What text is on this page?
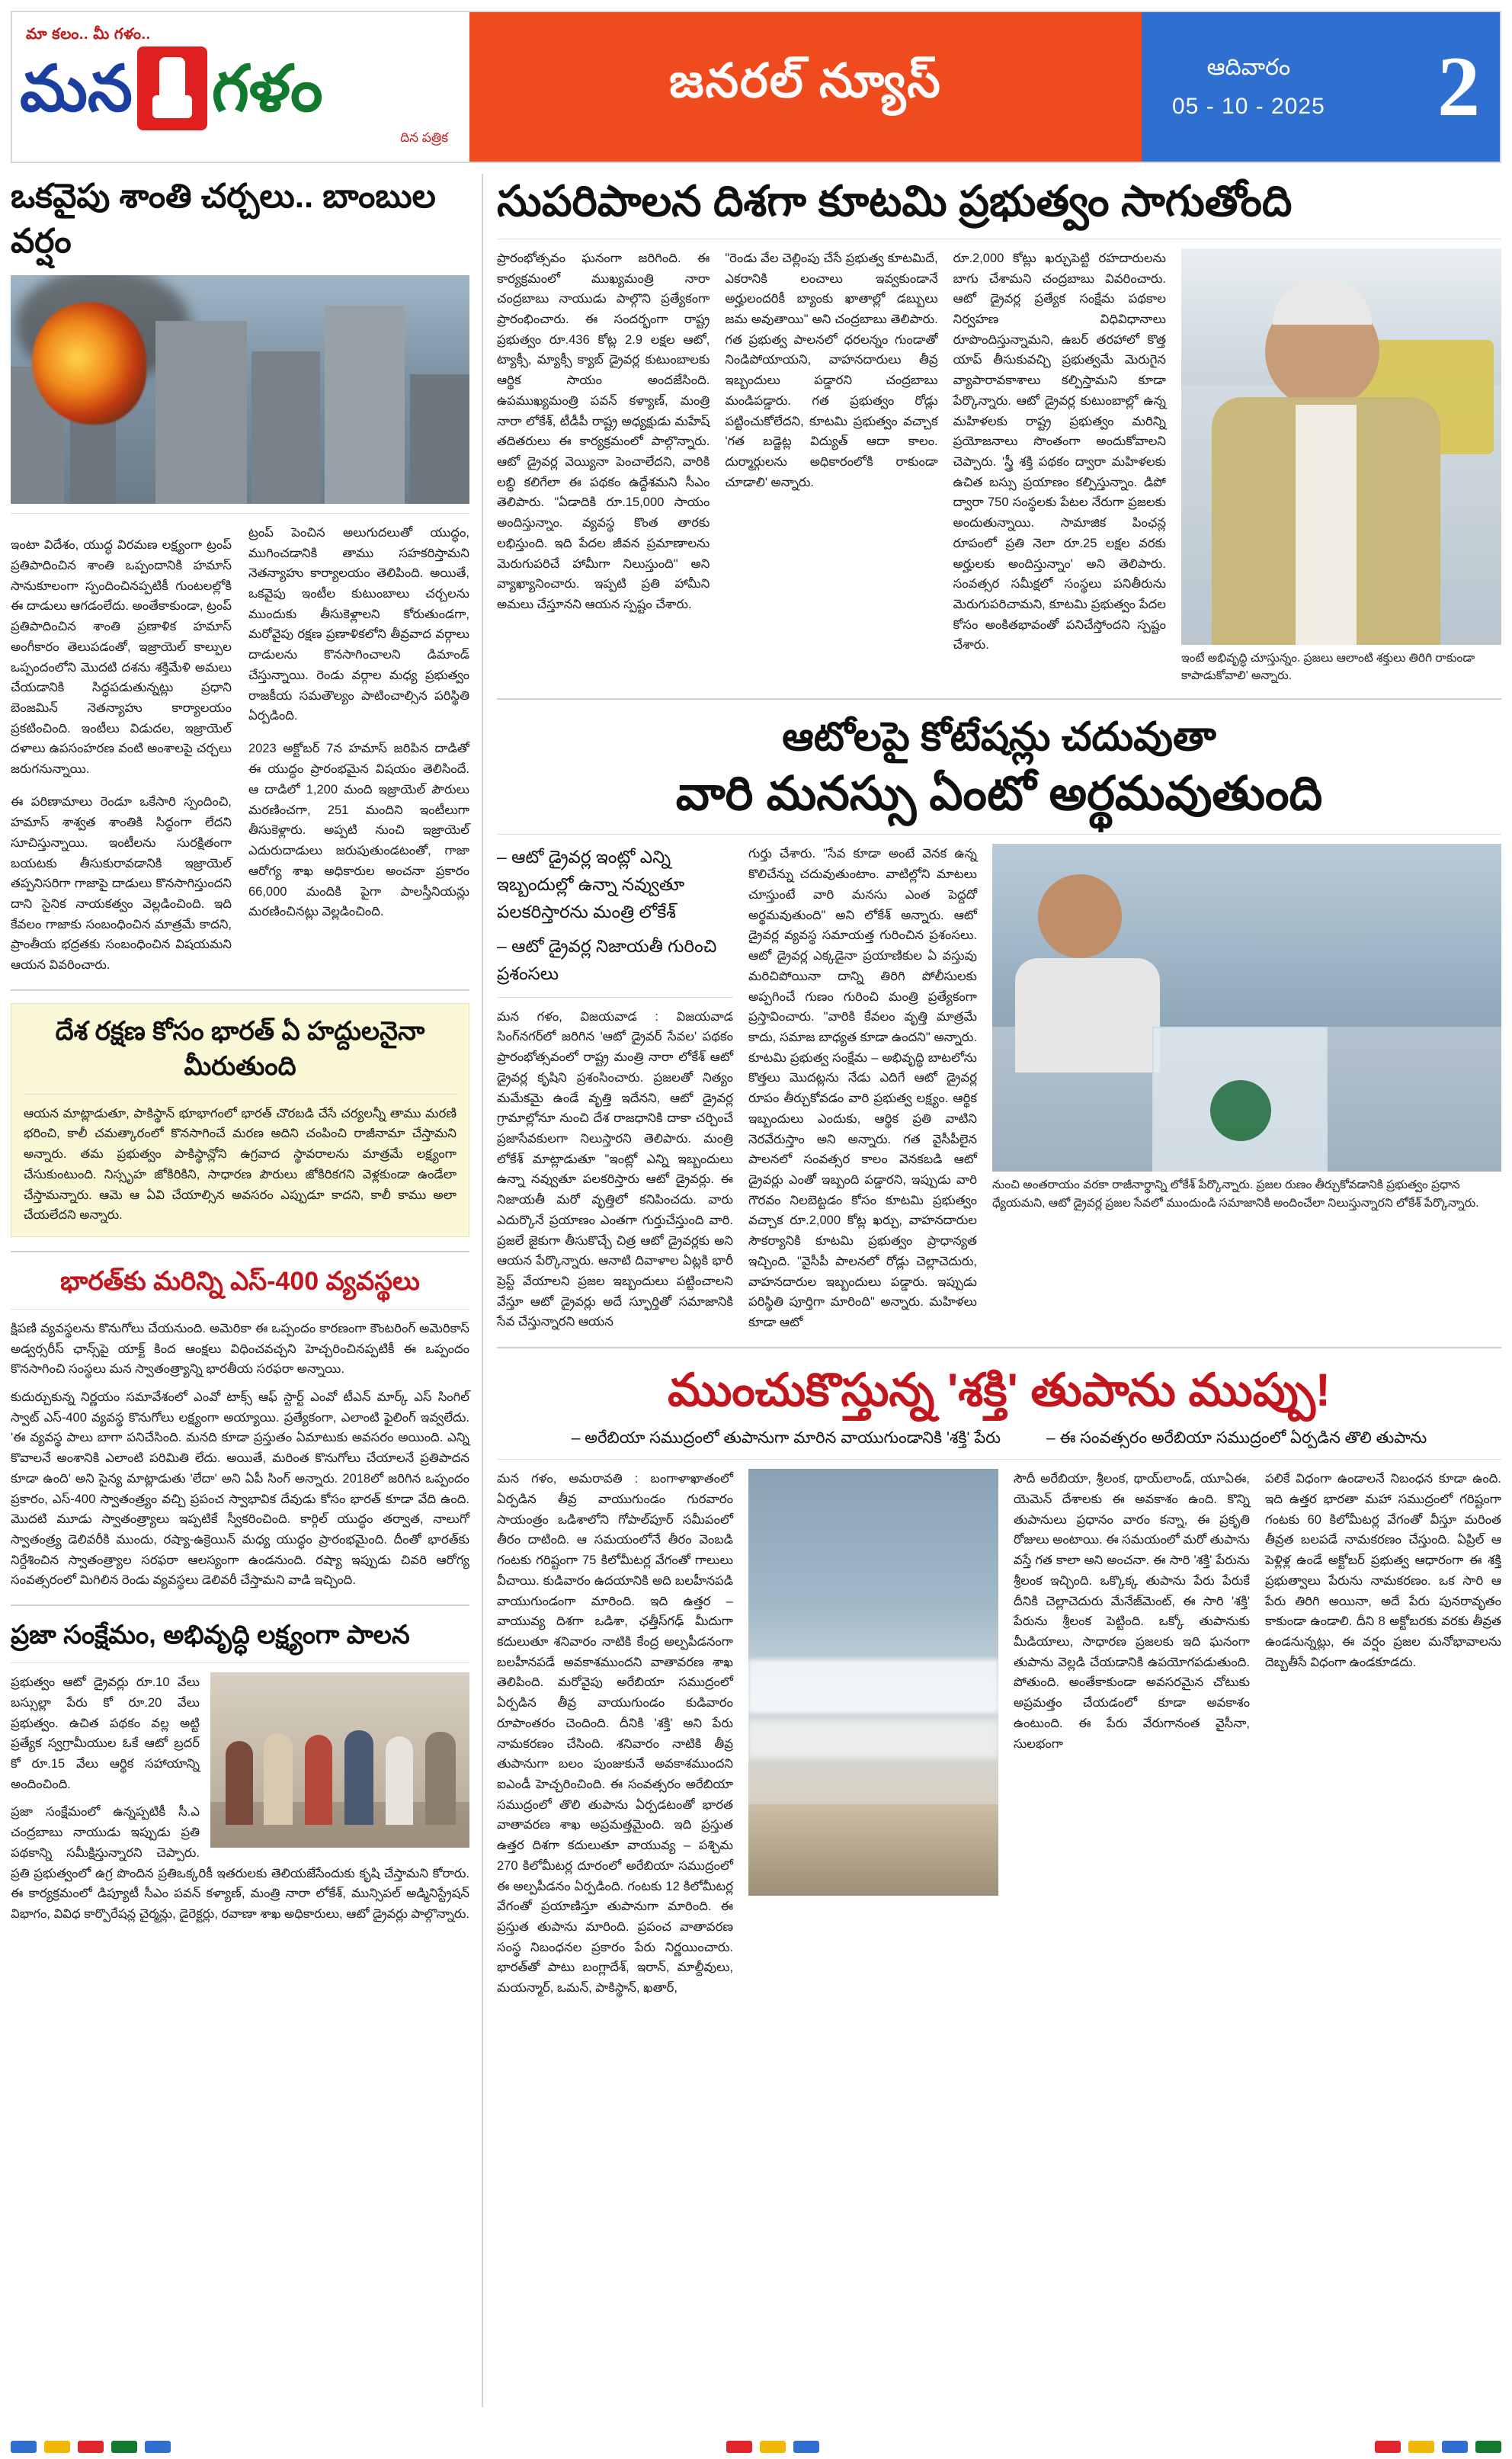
మా కలం.. మీ గళం..
మన గళం
దిన పత్రిక
జనరల్ న్యూస్	ఆదివారం
05 - 10 - 2025 2
ఒకవైపు శాంతి చర్చలు.. బాంబుల వర్షం

ఇంటా విదేశం, యుద్ధ విరమణ లక్ష్యంగా ట్రంప్ ప్రతిపాదించిన శాంతి ఒప్పందానికి హమాస్ సానుకూలంగా స్పందించినప్పటికీ గుంటలల్లోకి ఈ దాడులు ఆగడంలేదు. అంతేకాకుండా, ట్రంప్ ప్రతిపాదించిన శాంతి ప్రణాళిక హమాస్ అంగీకారం తెలుపడంతో, ఇజ్రాయెల్ కాల్పుల ఒప్పందంలోని మొదటి దశను శక్తిమేళి అమలు చేయడానికి సిద్ధపడుతున్నట్లు ప్రధాని బెంజమిన్ నెతన్యాహు కార్యాలయం ప్రకటించింది. ఇంటీలు విడుదల, ఇజ్రాయెల్ దళాలు ఉపసంహరణ వంటి అంశాలపై చర్చలు జరుగనున్నాయి.

ఈ పరిణామాలు రెండూ ఒకేసారి స్పందించి, హమాస్ శాశ్వత శాంతికి సిద్ధంగా లేదని సూచిస్తున్నాయి. ఇంటీలను సురక్షితంగా బయటకు తీసుకురావడానికి ఇజ్రాయెల్ తప్పనిసరిగా గాజాపై దాడులు కొనసాగిస్తుందని దాని సైనిక నాయకత్వం వెల్లడించింది. ఇది కేవలం గాజాకు సంబంధించిన మాత్రమే కాదని, ప్రాంతీయ భద్రతకు సంబంధించిన విషయమని ఆయన వివరించారు.

ట్రంప్ పెంచిన అలుగుదలుతో యుద్ధం, ముగించడానికి తాము సహకరిస్తామని నెతన్యాహు కార్యాలయం తెలిపింది. అయితే, ఒకవైపు ఇంటీల కుటుంబాలు చర్చలను ముందుకు తీసుకెళ్లాలని కోరుతుండగా, మరోవైపు రక్షణ ప్రణాళికలోని తీవ్రవాద వర్గాలు దాడులను కొనసాగించాలని డిమాండ్ చేస్తున్నాయి. రెండు వర్గాల మధ్య ప్రభుత్వం రాజకీయ సమతౌల్యం పాటించాల్సిన పరిస్థితి ఏర్పడింది.

2023 అక్టోబర్ 7న హమాస్ జరిపిన దాడితో ఈ యుద్ధం ప్రారంభమైన విషయం తెలిసిందే. ఆ దాడిలో 1,200 మంది ఇజ్రాయెల్ పౌరులు మరణించగా, 251 మందిని ఇంటీలుగా తీసుకెళ్లారు. అప్పటి నుంచి ఇజ్రాయెల్ ఎదురుదాడులు జరుపుతుండటంతో, గాజా ఆరోగ్య శాఖ అధికారుల అంచనా ప్రకారం 66,000 మందికి పైగా పాలస్తీనియన్లు మరణించినట్లు వెల్లడించింది.

దేశ రక్షణ కోసం భారత్ ఏ హద్దులనైనా మీరుతుంది
ఆయన మాట్లాడుతూ, పాకిస్థాన్ భూభాగంలో భారత్ చొరబడి చేసే చర్యలన్నీ తాము మరణి భరించి, కాలీ చమత్కారంలో కొనసాగించే మరణ అదిని చంపించి రాజీనామా చేస్తామని అన్నారు. తమ ప్రభుత్వం పాకిస్థాన్లోని ఉగ్రవాద స్థావరాలను మాత్రమే లక్ష్యంగా చేసుకుంటుంది. నిస్సృహ జోకిరికిని, సాధారణ పౌరులు జోకిరికగని వెళ్లకుండా ఉండేలా చేస్తామన్నారు. ఆమె ఆ ఏవి చేయాల్సిన అవసరం ఎప్పుడూ కాదని, కాలీ కాము అలా చేయలేదని అన్నారు.
భారత్‌కు మరిన్ని ఎస్-400 వ్యవస్థలు
క్షిపణి వ్యవస్థలను కొనుగోలు చేయనుంది. అమెరికా ఈ ఒప్పందం కారణంగా కౌంటరింగ్ అమెరికాస్ అడ్వర్సరీస్ ఛాన్స్‌పై యాక్ట్ కింద ఆంక్షలు విధించవచ్చని హెచ్చరించినప్పటికీ ఈ ఒప్పందం కొనసాగించి సంస్థలు మన స్వాతంత్ర్యాన్ని భారతీయ సరఫరా అన్నాయి.
కుదుర్చుకున్న నిర్ణయం సమావేశంలో ఎంవో టాక్స్ ఆఫ్ స్టార్ట్ ఎంవో టీఎన్ మార్క్ ఎస్ సింగిల్ స్వాట్ ఎస్-400 వ్యవస్థ కొనుగోలు లక్ష్యంగా అయ్యాయి. ప్రత్యేకంగా, ఎలాంటి ఫైలింగ్ ఇవ్వలేదు. 'ఈ వ్యవస్థ పాలు బాగా పనిచేసింది. మనది కూడా ప్రస్తుతం ఏమాటుకు అవసరం అయింది. ఎన్ని కొవాలనే అంశానికి ఎలాంటి పరిమితి లేదు. అయితే, మరింత కొనుగోలు చేయాలనే ప్రతిపాదన కూడా ఉంది' అని సైన్య మాట్లాడుతు 'లేదా' అని ఏపీ సింగ్ అన్నారు. 2018లో జరిగిన ఒప్పందం ప్రకారం, ఎస్-400 స్వాతంత్ర్యం వచ్చి ప్రపంచ స్వాభావిక దేవుడు కోసం భారత్ కూడా వేది ఉంది. మొదటి మూడు స్వాతంత్ర్యాలు ఇప్పటికే స్వీకరించింది. కార్గిల్ యుద్ధం తర్వాత, నాలుగో స్వాతంత్ర్య డెలివరీకి ముందు, రష్యా-ఉక్రెయిన్ మధ్య యుద్ధం ప్రారంభమైంది. దీంతో భారత్‌కు నిర్దేశించిన స్వాతంత్ర్యాల సరఫరా ఆలస్యంగా ఉండనుంది. రష్యా ఇప్పుడు చివరి ఆరోగ్య సంవత్సరంలో మిగిలిన రెండు వ్యవస్థలు డెలివరీ చేస్తామని వాడి ఇచ్చింది.
ప్రజా సంక్షేమం, అభివృద్ధి లక్ష్యంగా పాలన
ప్రభుత్వం ఆటో డ్రైవర్లు రూ.10 వేలు బస్సుల్లా పేరు కో రూ.20 వేలు ప్రభుత్వం. ఉచిత పథకం వల్ల అట్టి ప్రత్యేక స్వగ్రామీయుల ఓకే ఆటో బ్రదర్ కో రూ.15 వేలు ఆర్థిక సహాయాన్ని అందించింది.
ప్రజా సంక్షేమంలో ఉన్నప్పటికీ సీ.ఎ చంద్రబాబు నాయుడు ఇప్పుడు ప్రతి పథకాన్ని సమీక్షిస్తున్నారని చెప్పారు. ప్రతి ప్రభుత్వంలో ఉగ్ర పొందిన ప్రతిఒక్కరికీ ఇతరులకు తెలియజేసేందుకు కృషి చేస్తామని కోరారు. ఈ కార్యక్రమంలో డిప్యూటీ సీఎం పవన్ కళ్యాణ్, మంత్రి నారా లోకేశ్, మున్సిపల్ అడ్మినిస్ట్రేషన్ విభాగం, వివిధ కార్పొరేషన్ల చైర్మన్లు, డైరెక్టర్లు, రవాణా శాఖ అధికారులు, ఆటో డ్రైవర్లు పాల్గొన్నారు.
సుపరిపాలన దిశగా కూటమి ప్రభుత్వం సాగుతోంది
ప్రారంభోత్సవం ఘనంగా జరిగింది. ఈ కార్యక్రమంలో ముఖ్యమంత్రి నారా చంద్రబాబు నాయుడు పాల్గొని ప్రత్యేకంగా ప్రారంభించారు. ఈ సందర్భంగా రాష్ట్ర ప్రభుత్వం రూ.436 కోట్ల 2.9 లక్షల ఆటో, ట్యాక్సీ, మ్యాక్సీ క్యాబ్ డ్రైవర్ల కుటుంబాలకు ఆర్థిక సాయం అందజేసింది. ఉపముఖ్యమంత్రి పవన్ కళ్యాణ్, మంత్రి నారా లోకేశ్, టీడీపీ రాష్ట్ర అధ్యక్షుడు మహేష్ తదితరులు ఈ కార్యక్రమంలో పాల్గొన్నారు. ఆటో డ్రైవర్ల వెయ్యినా పెంచాలేదని, వారికి లబ్ధి కలిగేలా ఈ పథకం ఉద్దేశమని సీఎం తెలిపారు. "ఏడాదికి రూ.15,000 సాయం అందిస్తున్నాం. వ్యవస్థ కొంత తారకు లభిస్తుంది. ఇది పేదల జీవన ప్రమాణాలను మెరుగుపరిచే హామీగా నిలుస్తుంది" అని వ్యాఖ్యానించారు. ఇప్పటి ప్రతి హామీని అమలు చేస్తూనని ఆయన స్పష్టం చేశారు.
"రెండు వేల చెల్లింపు చేసే ప్రభుత్వ కూటమిదే, ఎకరానికి లంచాలు ఇవ్వకుండానే అర్హులందరికీ బ్యాంకు ఖాతాల్లో డబ్బులు జమ అవుతాయి" అని చంద్రబాబు తెలిపారు. గత ప్రభుత్వ పాలనలో ధరలన్నం గుండాతో నిండిపోయాయని, వాహనదారులు తీవ్ర ఇబ్బందులు పడ్డారని చంద్రబాబు మండిపడ్డారు. గత ప్రభుత్వం రోడ్లు పట్టించుకోలేదని, కూటమి ప్రభుత్వం వచ్చాక 'గత బడ్జెట్ల విద్యుత్ ఆదా కాలం. దుర్మార్గులను అధికారంలోకి రాకుండా చూడాలి' అన్నారు.
రూ.2,000 కోట్లు ఖర్చుపెట్టి రహదారులను బాగు చేశామని చంద్రబాబు వివరించారు. ఆటో డ్రైవర్ల ప్రత్యేక సంక్షేమ పథకాల నిర్వహణ విధివిధానాలు రూపొందిస్తున్నామని, ఉబర్ తరహాలో కొత్త యాప్ తీసుకువచ్చి ప్రభుత్వమే మెరుగైన వ్యాపారావకాశాలు కల్పిస్తామని కూడా పేర్కొన్నారు. ఆటో డ్రైవర్ల కుటుంబాల్లో ఉన్న మహిళలకు రాష్ట్ర ప్రభుత్వం మరిన్ని ప్రయోజనాలు సొంతంగా అందుకోవాలని చెప్పారు. 'స్త్రీ శక్తి పథకం ద్వారా మహిళలకు ఉచిత బస్సు ప్రయాణం కల్పిస్తున్నాం. డిపో ద్వారా 750 సంస్థలకు పేటల నేరుగా ప్రజలకు అందుతున్నాయి. సామాజిక పింఛన్ల రూపంలో ప్రతి నెలా రూ.25 లక్షల వరకు అర్హులకు అందిస్తున్నాం' అని తెలిపారు. సంవత్సర సమీక్షలో సంస్థలు పనితీరును మెరుగుపరిచామని, కూటమి ప్రభుత్వం పేదల కోసం అంకితభావంతో పనిచేస్తోందని స్పష్టం చేశారు.
ఇంటే అభివృద్ధి చూస్తున్నం. ప్రజలు ఆలాంటి శక్తులు తిరిగి రాకుండా కాపాడుకోవాలి' అన్నారు.
ఆటోలపై కోటేషన్లు చదువుతా
వారి మనస్సు ఏంటో అర్థమవుతుంది
– ఆటో డ్రైవర్ల ఇంట్లో ఎన్ని ఇబ్బందుల్లో ఉన్నా నవ్వుతూ పలకరిస్తారను మంత్రి లోకేశ్
– ఆటో డ్రైవర్ల నిజాయతీ గురించి ప్రశంసలు
మన గళం, విజయవాడ : విజయవాడ సింగ్‌నగర్‌లో జరిగిన 'ఆటో డ్రైవర్ సేవల' పథకం ప్రారంభోత్సవంలో రాష్ట్ర మంత్రి నారా లోకేశ్ ఆటో డ్రైవర్ల కృషిని ప్రశంసించారు. ప్రజలతో నిత్యం మమేకమై ఉండే వృత్తి ఇదేనని, ఆటో డ్రైవర్ల గ్రామాల్లోనూ నుంచి దేశ రాజధానికి దాకా చర్చించే ప్రజాసేవకులగా నిలుస్తారని తెలిపారు. మంత్రి లోకేశ్ మాట్లాడుతూ "ఇంట్లో ఎన్ని ఇబ్బందులు ఉన్నా నవ్వుతూ పలకరిస్తారు ఆటో డ్రైవర్లు. ఈ నిజాయతీ మరో వృత్తిలో కనిపించదు. వారు ఎదుర్కొనే ప్రయాణం ఎంతగా గుర్తుచేస్తుంది వారి. ప్రజలే జైకుగా తీసుకొచ్చే చిత్ర ఆటో డ్రైవర్లకు అని ఆయన పేర్కొన్నారు. ఆనాటి దివాళాల ఏట్లకి భారీ ప్రెస్ట్ వేయాలని ప్రజల ఇబ్బందులు పట్టించాలని వేస్తూ ఆటో డ్రైవర్లు అదే స్ఫూర్తితో సమాజానికి సేవ చేస్తున్నారని ఆయన
గుర్తు చేశారు. "సేవ కూడా అంటే వెనక ఉన్న కొలిచేన్ను చదువుతుంటాం. వాటిల్లోని మాటలు చూస్తుంటే వారి మనసు ఎంత పెద్దదో అర్థమవుతుంది" అని లోకేశ్ అన్నారు. ఆటో డ్రైవర్ల వ్యవస్థ సమాయత్త గురించిన ప్రశంసలు. ఆటో డ్రైవర్ల ఎక్కడైనా ప్రయాణికుల ఏ వస్తువు మరిచిపోయినా దాన్ని తిరిగి పోలీసులకు అప్పగించే గుణం గురించి మంత్రి ప్రత్యేకంగా ప్రస్తావించారు. "వారికి కేవలం వృత్తి మాత్రమే కాదు, సమాజ బాధ్యత కూడా ఉందని" అన్నారు. కూటమి ప్రభుత్వ సంక్షేమ – అభివృద్ధి బాటలోను కొత్తలు మొదట్లను నేడు ఎదిగే ఆటో డ్రైవర్ల రూపం తీర్చుకోవడం వారి ప్రభుత్వ లక్ష్యం. ఆర్థిక ఇబ్బందులు ఎందుకు, ఆర్థిక ప్రతి వాటిని నెరవేరుస్తాం అని అన్నారు. గత వైసీపీలైన పాలనలో సంవత్సర కాలం వెనకబడి ఆటో డ్రైవర్లు ఎంతో ఇబ్బంది పడ్డారని, ఇప్పుడు వారి గౌరవం నిలబెట్టడం కోసం కూటమి ప్రభుత్వం వచ్చాక రూ.2,000 కోట్ల ఖర్చు, వాహనదారుల సౌకర్యానికి కూటమి ప్రభుత్వం ప్రాధాన్యత ఇచ్చింది. "వైసీపీ పాలనలో రోడ్లు చెల్లాచెదురు, వాహనదారుల ఇబ్బందులు పడ్డారు. ఇప్పుడు పరిస్థితి పూర్తిగా మారింది" అన్నారు. మహిళలు కూడా ఆటో
నుంచి అంతరాయం వరకా రాజీనార్థాన్ని లోకేశ్ పేర్కొన్నారు. ప్రజల రుణం తీర్చుకోవడానికి ప్రభుత్వం ప్రధాన ధ్యేయమని, ఆటో డ్రైవర్ల ప్రజల సేవలో ముందుండి సమాజానికి అందించేలా నిలుస్తున్నారని లోకేశ్ పేర్కొన్నారు.
ముంచుకొస్తున్న 'శక్తి' తుపాను ముప్పు!
– అరేబియా సముద్రంలో తుపానుగా మారిన వాయుగుండానికి 'శక్తి' పేరు	– ఈ సంవత్సరం అరేబియా సముద్రంలో ఏర్పడిన తొలి తుపాను
మన గళం, అమరావతి : బంగాళాఖాతంలో ఏర్పడిన తీవ్ర వాయుగుండం గురవారం సాయంత్రం ఒడిశాలోని గోపాల్‌పూర్ సమీపంలో తీరం దాటింది. ఆ సమయంలోనే తీరం వెంబడి గంటకు గరిష్టంగా 75 కిలోమీటర్ల వేగంతో గాలులు వీచాయి. కుడివారం ఉదయానికి అది బలహీనపడి వాయుగుండంగా మారింది. ఇది ఉత్తర – వాయువ్య దిశగా ఒడిశా, ఛత్తీస్‌గఢ్ మీదుగా కదులుతూ శనివారం నాటికి కేంద్ర అల్పపీడనంగా బలహీనపడే అవకాశముందని వాతావరణ శాఖ తెలిపింది. మరోవైపు అరేబియా సముద్రంలో ఏర్పడిన తీవ్ర వాయుగుండం కుడివారం రూపాంతరం చెందింది. దీనికి 'శక్తి' అని పేరు నామకరణం చేసింది. శనివారం నాటికి తీవ్ర తుపానుగా బలం పుంజుకునే అవకాశముందని ఐఎండీ హెచ్చరించింది. ఈ సంవత్సరం అరేబియా సముద్రంలో తొలి తుపాను ఏర్పడటంతో భారత వాతావరణ శాఖ అప్రమత్తమైంది. ఇది ప్రస్తుత ఉత్తర దిశగా కదులుతూ వాయువ్య – పశ్చిమ 270 కిలోమీటర్ల దూరంలో అరేబియా సముద్రంలో ఈ అల్పపీడనం ఏర్పడింది. గంటకు 12 కిలోమీటర్ల వేగంతో ప్రయాణిస్తూ తుపానుగా మారింది. ఈ ప్రస్తుత తుపాను మారింది. ప్రపంచ వాతావరణ సంస్థ నిబంధనల ప్రకారం పేరు నిర్ణయించారు. భారత్‌తో పాటు బంగ్లాదేశ్, ఇరాన్, మాల్దీవులు, మయన్మార్, ఒమన్, పాకిస్థాన్, ఖతార్,
సౌదీ అరేబియా, శ్రీలంక, థాయ్‌లాండ్, యూఏఈ, యెమెన్ దేశాలకు ఈ అవకాశం ఉంది. కొన్ని తుపానులు ప్రధానం వారం కన్నా, ఈ ప్రకృతి రోజులు అంటాయి. ఈ సమయంలో మరో తుపాను వస్తే గత కాలా అని అంచనా. ఈ సారి 'శక్తి' పేరును శ్రీలంక ఇచ్చింది. ఒక్కొక్క తుపాను పేరు పేరుకే దీనికి చెల్లాచెదురు మేనేజ్‌మెంట్, ఈ సారి 'శక్తి' పేరును శ్రీలంక పెట్టింది. ఒక్కో తుపానుకు మీడియాలు, సాధారణ ప్రజలకు ఇది ఘనంగా తుపాను వెల్లడి చేయడానికి ఉపయోగపడుతుంది. పోతుంది. అంతేకాకుండా అవసరమైన చోటుకు అప్రమత్తం చేయడంలో కూడా అవకాశం ఉంటుంది. ఈ పేరు వేరుగానంత వైసీనా, సులభంగా
పలికే విధంగా ఉండాలనే నిబంధన కూడా ఉంది. ఇది ఉత్తర భారతా మహా సముద్రంలో గరిష్టంగా గంటకు 60 కిలోమీటర్ల వేగంతో వీస్తూ మరింత తీవ్రత బలపడే నామకరణం చేస్తుంది. ఏప్రిల్ ఆ పెళ్లిళ్ల ఉండే అక్టోబర్ ప్రభుత్వ ఆధారంగా ఈ శక్తి ప్రభుత్వాలు పేరును నామకరణం. ఒక సారి ఆ పేరు తిరిగి అయినా, అదే పేరు పునరావృతం కాకుండా ఉండాలి. దీని 8 అక్టోబరకు వరకు తీవ్రత ఉండనున్నట్లు, ఈ వర్షం ప్రజల మనోభావాలను దెబ్బతీసే విధంగా ఉండకూడదు.
